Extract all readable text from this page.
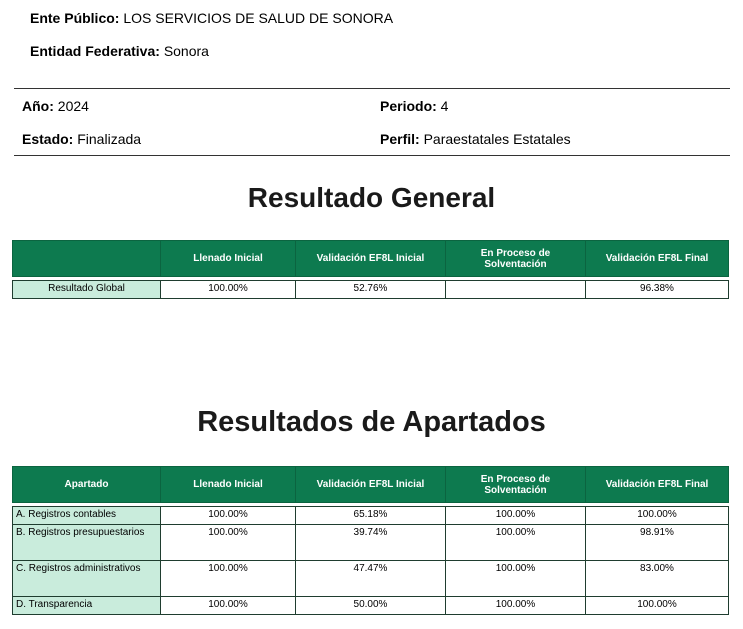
Ente Público: LOS SERVICIOS DE SALUD DE SONORA
Entidad Federativa: Sonora
Año: 2024	Periodo: 4
Estado: Finalizada	Perfil: Paraestatales Estatales
Resultado General
	Llenado Inicial	Validación EF8L Inicial	En Proceso de Solventación	Validación EF8L Final

Resultado Global	100.00%	52.76%		96.38%
Resultados de Apartados
Apartado	Llenado Inicial	Validación EF8L Inicial	En Proceso de Solventación	Validación EF8L Final

A. Registros contables	100.00%	65.18%	100.00%	100.00%
B. Registros presupuestarios	100.00%	39.74%	100.00%	98.91%
C. Registros administrativos	100.00%	47.47%	100.00%	83.00%
D. Transparencia	100.00%	50.00%	100.00%	100.00%
